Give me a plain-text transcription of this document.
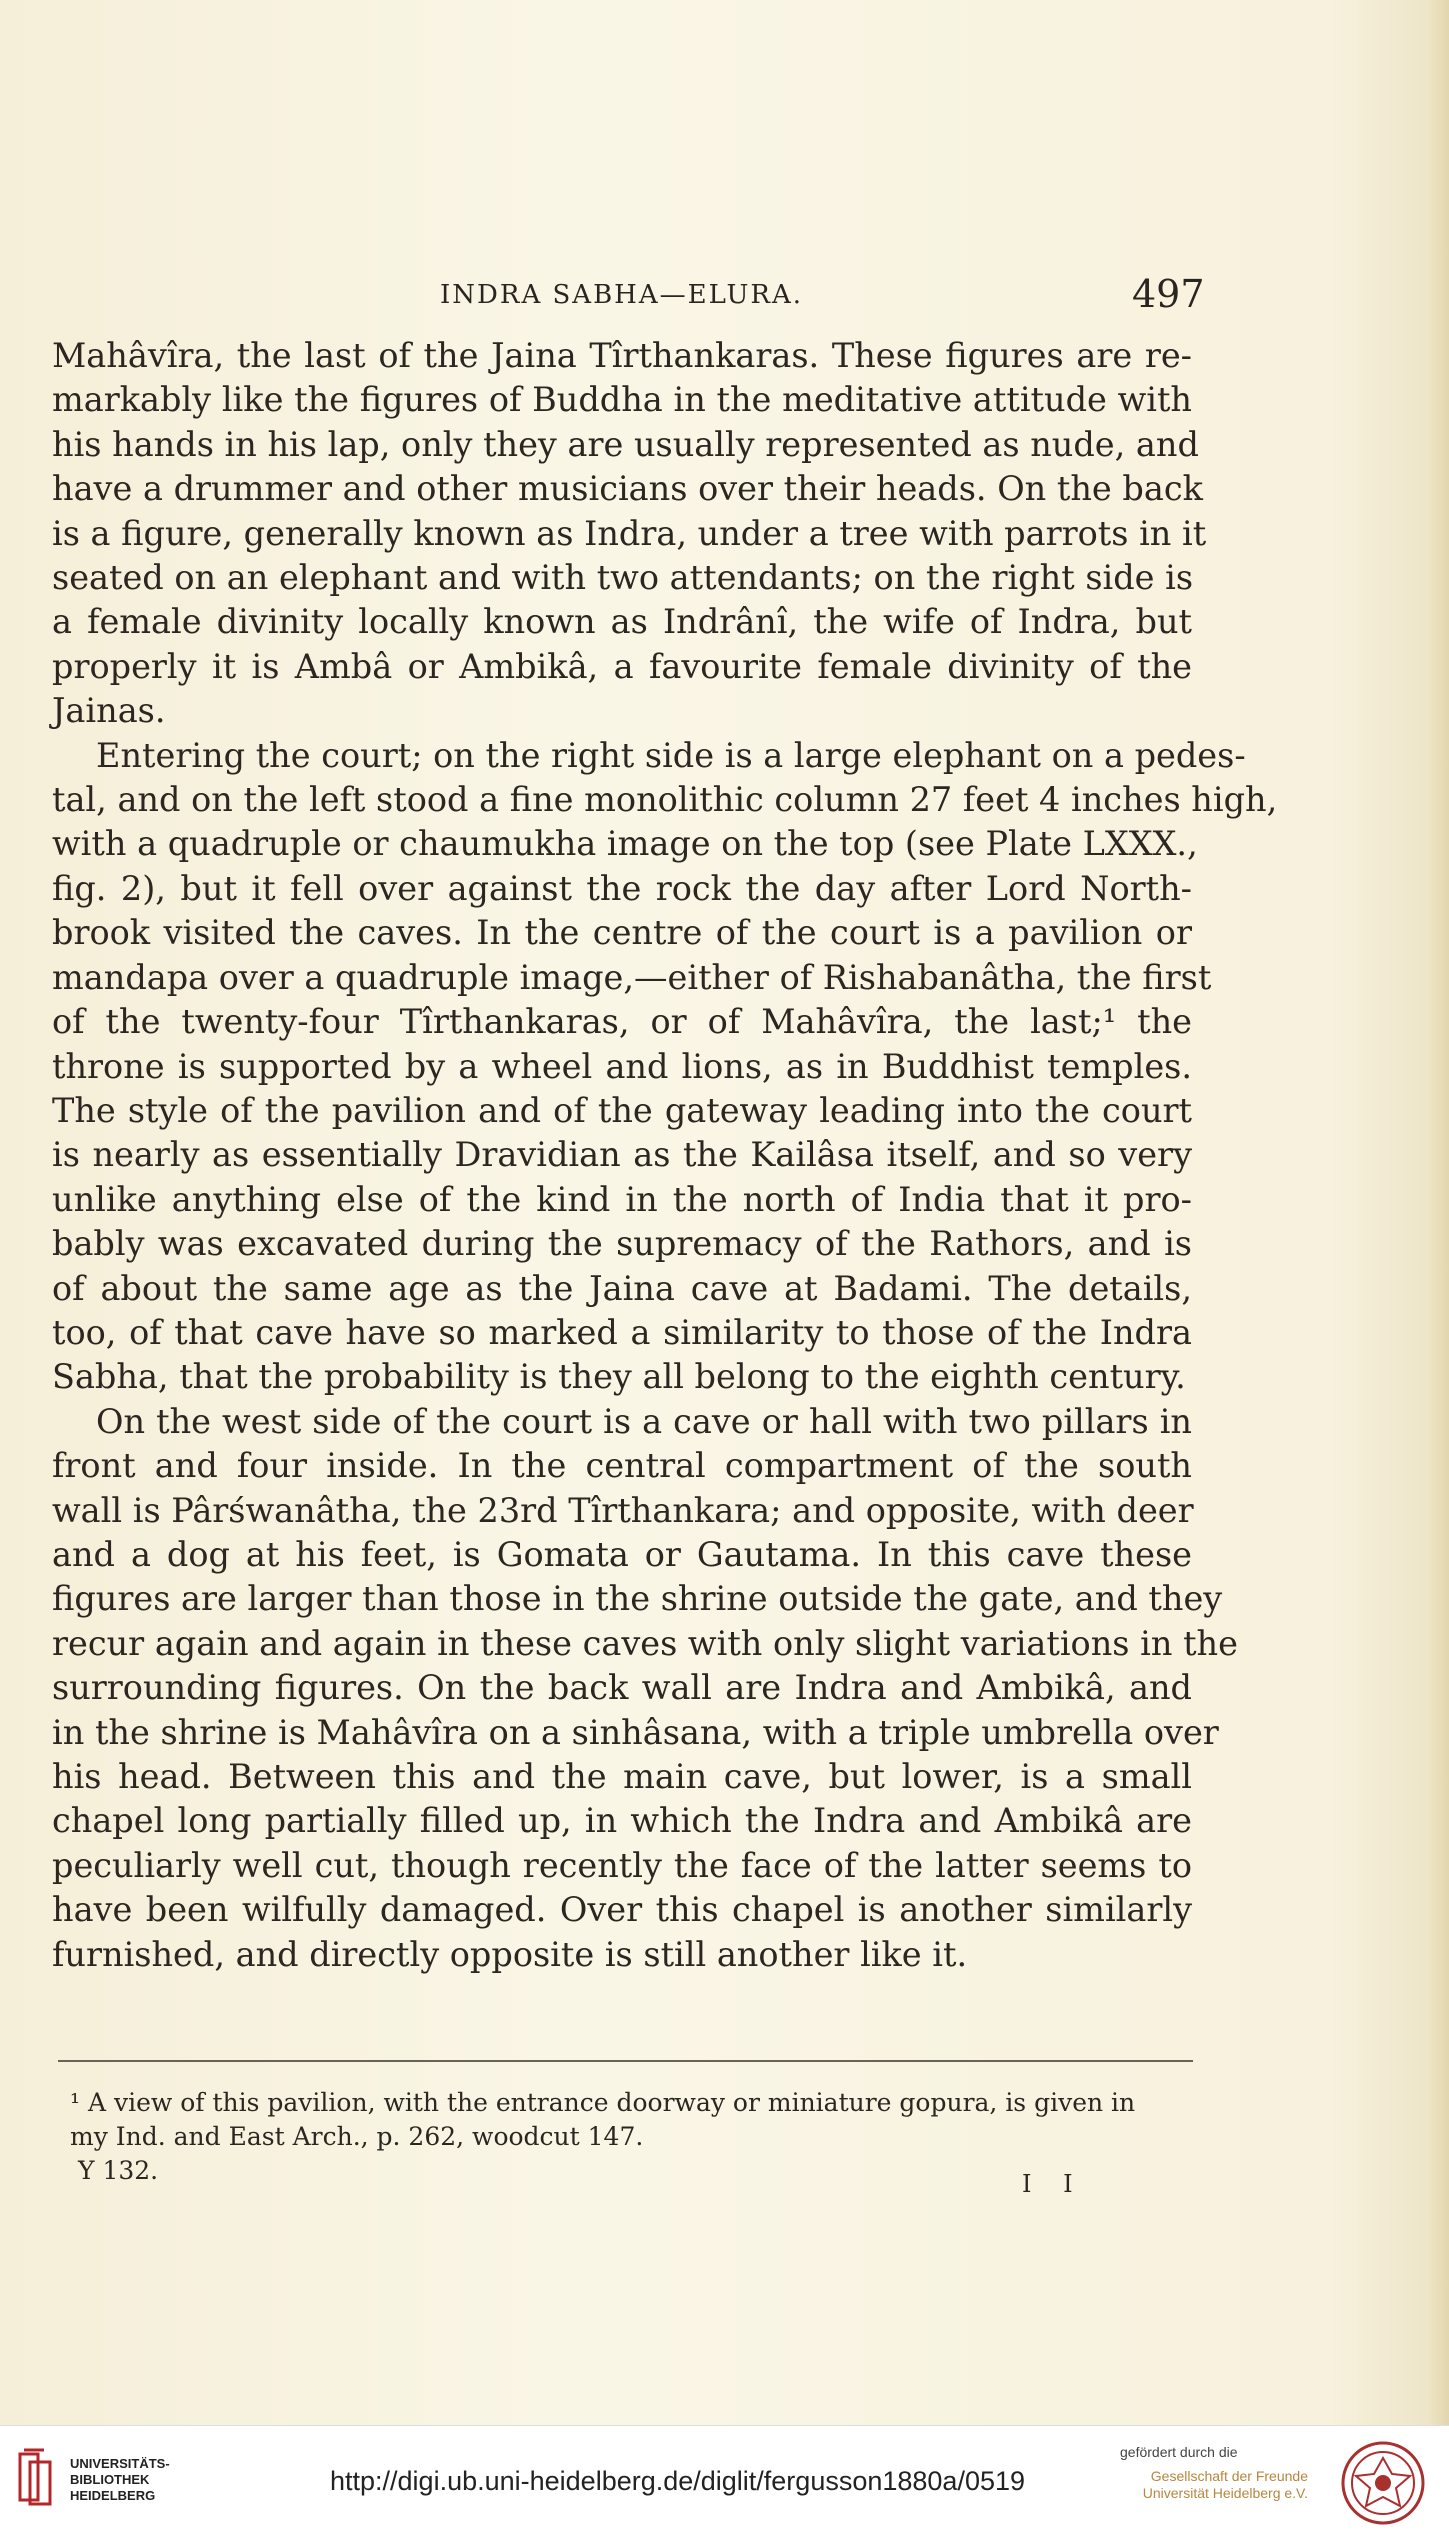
INDRA SABHA—ELURA.	497
Mahâvîra, the last of the Jaina Tîrthankaras. These figures are re-
markably like the figures of Buddha in the meditative attitude with
his hands in his lap, only they are usually represented as nude, and
have a drummer and other musicians over their heads. On the back
is a figure, generally known as Indra, under a tree with parrots in it
seated on an elephant and with two attendants; on the right side is
a female divinity locally known as Indrânî, the wife of Indra, but
properly it is Ambâ or Ambikâ, a favourite female divinity of the
Jainas.
Entering the court; on the right side is a large elephant on a pedes-
tal, and on the left stood a fine monolithic column 27 feet 4 inches high,
with a quadruple or chaumukha image on the top (see Plate LXXX.,
fig. 2), but it fell over against the rock the day after Lord North-
brook visited the caves. In the centre of the court is a pavilion or
mandapa over a quadruple image,—either of Rishabanâtha, the first
of the twenty-four Tîrthankaras, or of Mahâvîra, the last;¹ the
throne is supported by a wheel and lions, as in Buddhist temples.
The style of the pavilion and of the gateway leading into the court
is nearly as essentially Dravidian as the Kailâsa itself, and so very
unlike anything else of the kind in the north of India that it pro-
bably was excavated during the supremacy of the Rathors, and is
of about the same age as the Jaina cave at Badami. The details,
too, of that cave have so marked a similarity to those of the Indra
Sabha, that the probability is they all belong to the eighth century.
On the west side of the court is a cave or hall with two pillars in
front and four inside. In the central compartment of the south
wall is Pârśwanâtha, the 23rd Tîrthankara; and opposite, with deer
and a dog at his feet, is Gomata or Gautama. In this cave these
figures are larger than those in the shrine outside the gate, and they
recur again and again in these caves with only slight variations in the
surrounding figures. On the back wall are Indra and Ambikâ, and
in the shrine is Mahâvîra on a sinhâsana, with a triple umbrella over
his head. Between this and the main cave, but lower, is a small
chapel long partially filled up, in which the Indra and Ambikâ are
peculiarly well cut, though recently the face of the latter seems to
have been wilfully damaged. Over this chapel is another similarly
furnished, and directly opposite is still another like it.
¹ A view of this pavilion, with the entrance doorway or miniature gopura, is given in
my Ind. and East Arch., p. 262, woodcut 147.
Y 132.	I I
UNIVERSITÄTS-
BIBLIOTHEK
HEIDELBERG	http://digi.ub.uni-heidelberg.de/diglit/fergusson1880a/0519
gefördert durch die
Gesellschaft der Freunde
Universität Heidelberg e.V.
